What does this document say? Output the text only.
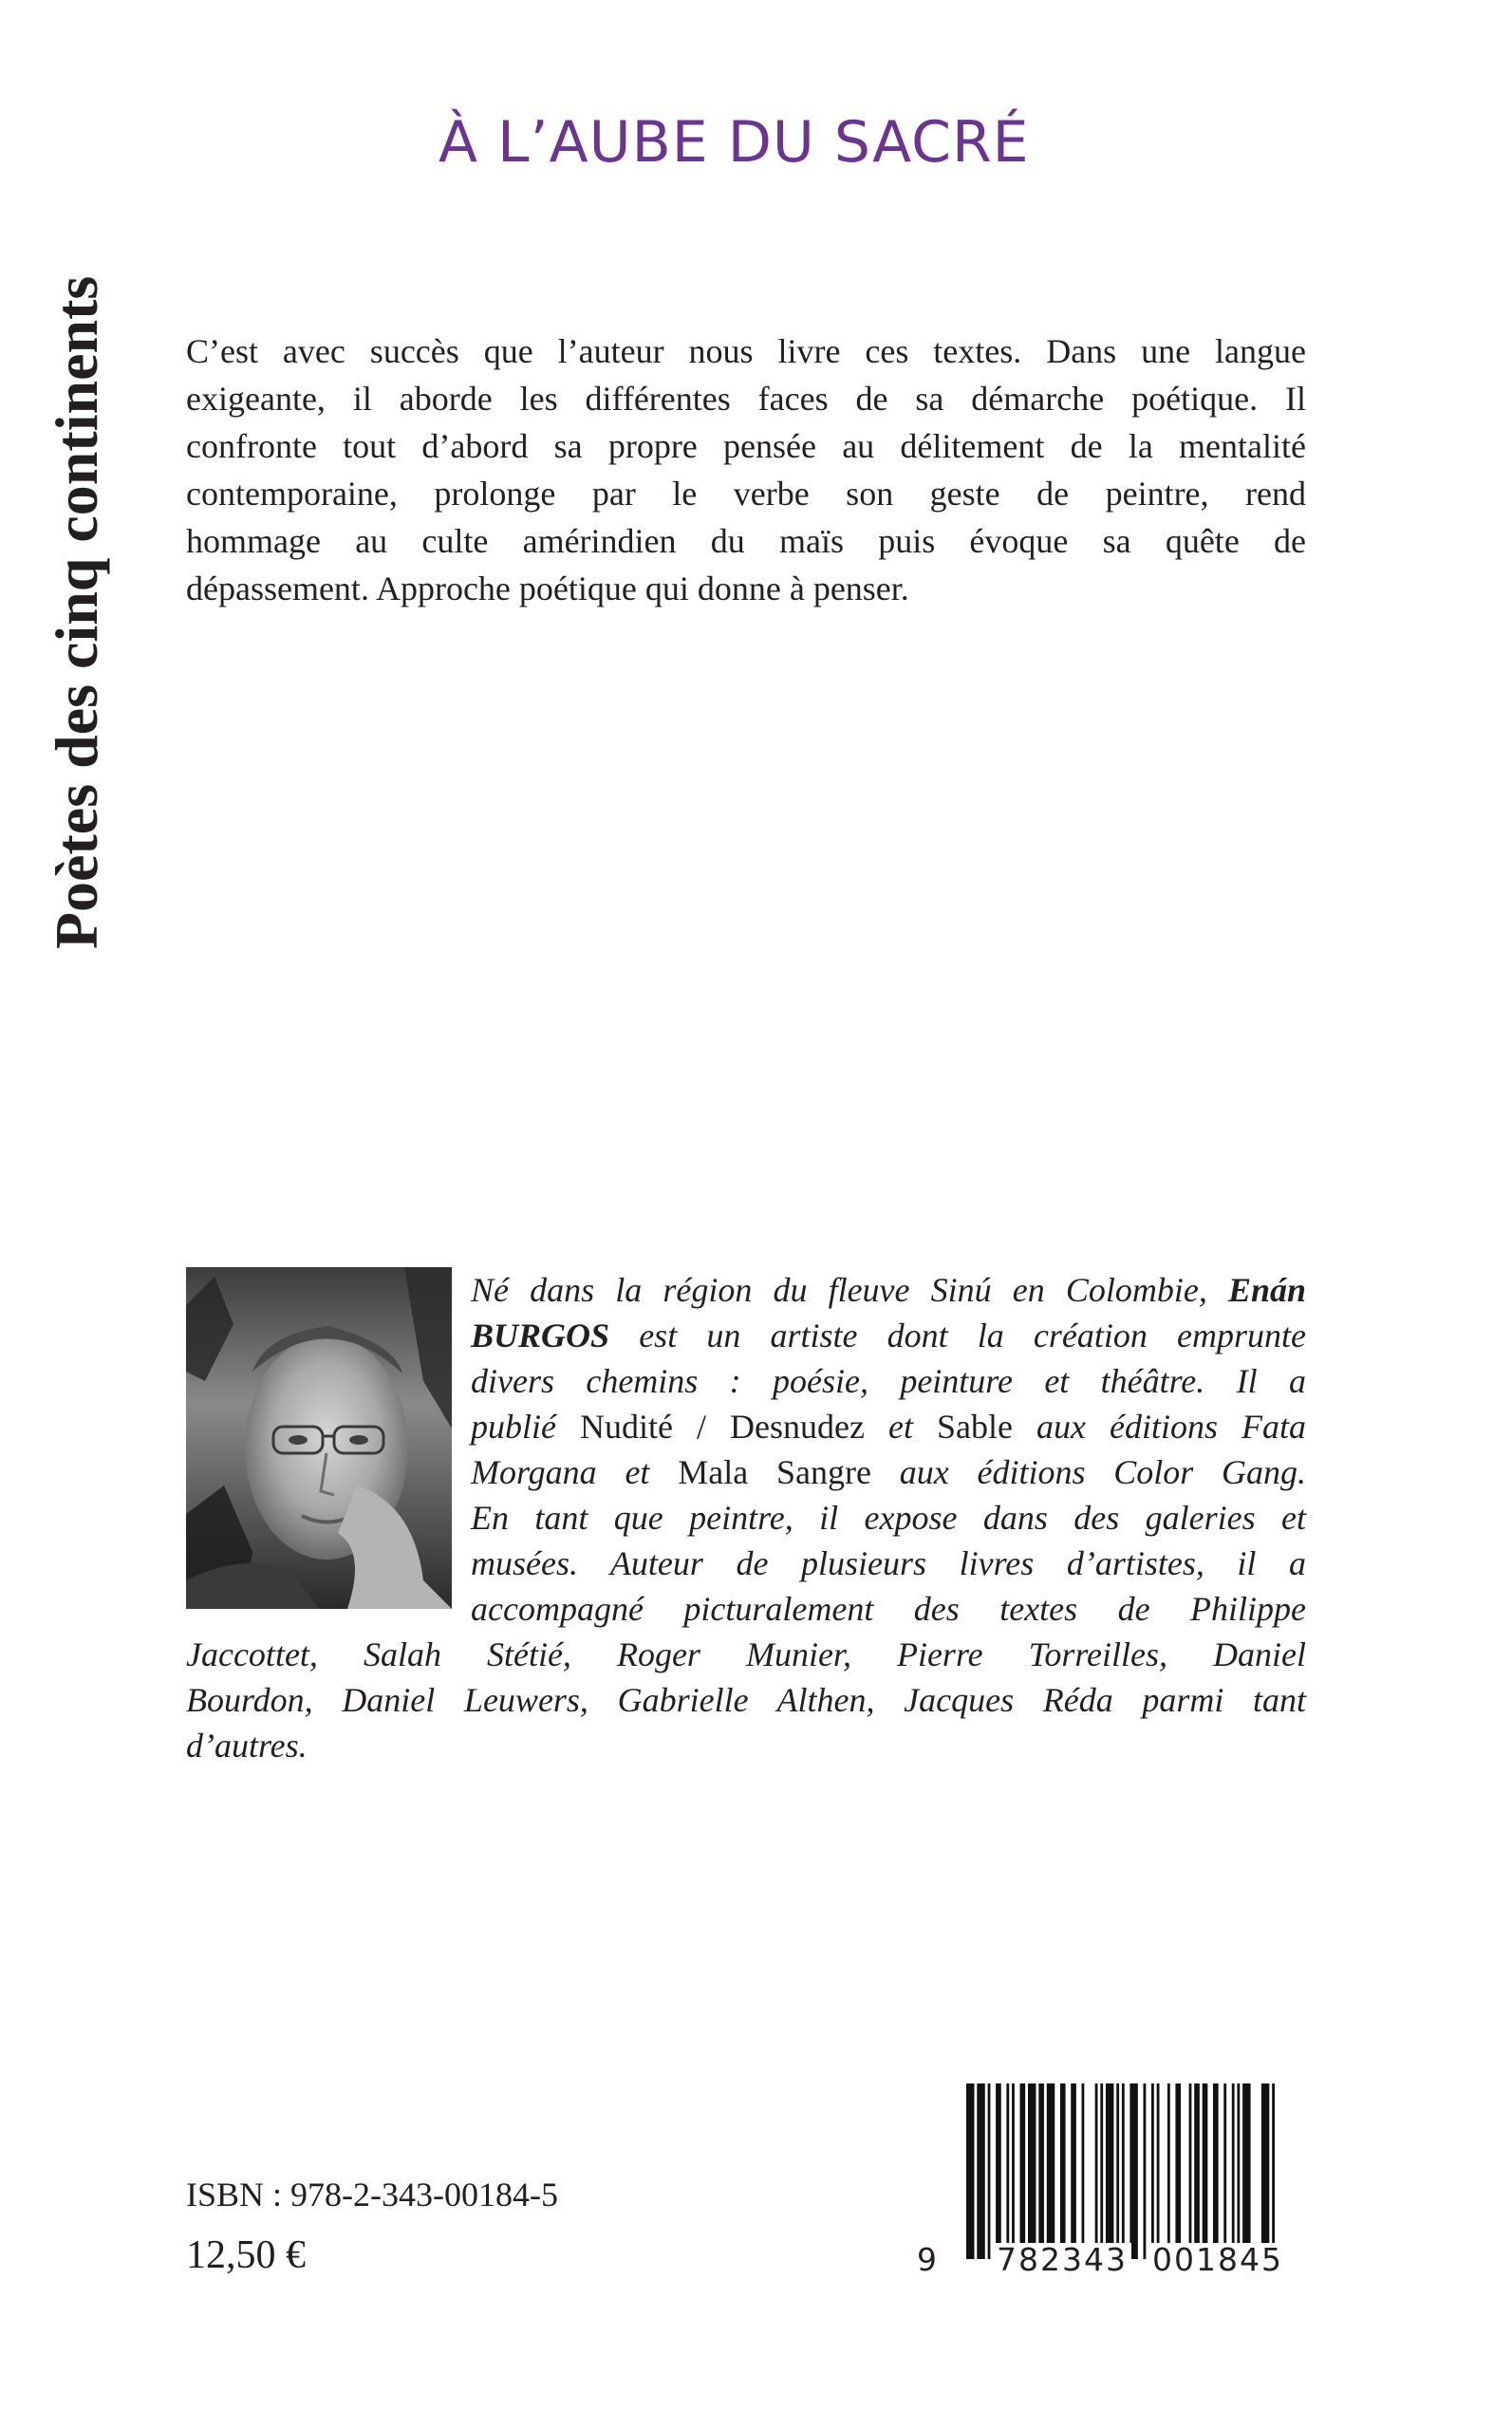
Poètes des cinq continents
À L’AUBE DU SACRÉ
C’est avec succès que l’auteur nous livre ces textes. Dans une langue
exigeante, il aborde les différentes faces de sa démarche poétique. Il
confronte tout d’abord sa propre pensée au délitement de la mentalité
contemporaine, prolonge par le verbe son geste de peintre, rend
hommage au culte amérindien du maïs puis évoque sa quête de
dépassement. Approche poétique qui donne à penser.
Né dans la région du fleuve Sinú en Colombie, Enán
BURGOS est un artiste dont la création emprunte
divers chemins : poésie, peinture et théâtre. Il a
publié Nudité / Desnudez et Sable aux éditions Fata
Morgana et Mala Sangre aux éditions Color Gang.
En tant que peintre, il expose dans des galeries et
musées. Auteur de plusieurs livres d’artistes, il a
accompagné picturalement des textes de Philippe
Jaccottet, Salah Stétié, Roger Munier, Pierre Torreilles, Daniel
Bourdon, Daniel Leuwers, Gabrielle Althen, Jacques Réda parmi tant
d’autres.
ISBN : 978-2-343-00184-5
12,50 €	9 782343 001845
